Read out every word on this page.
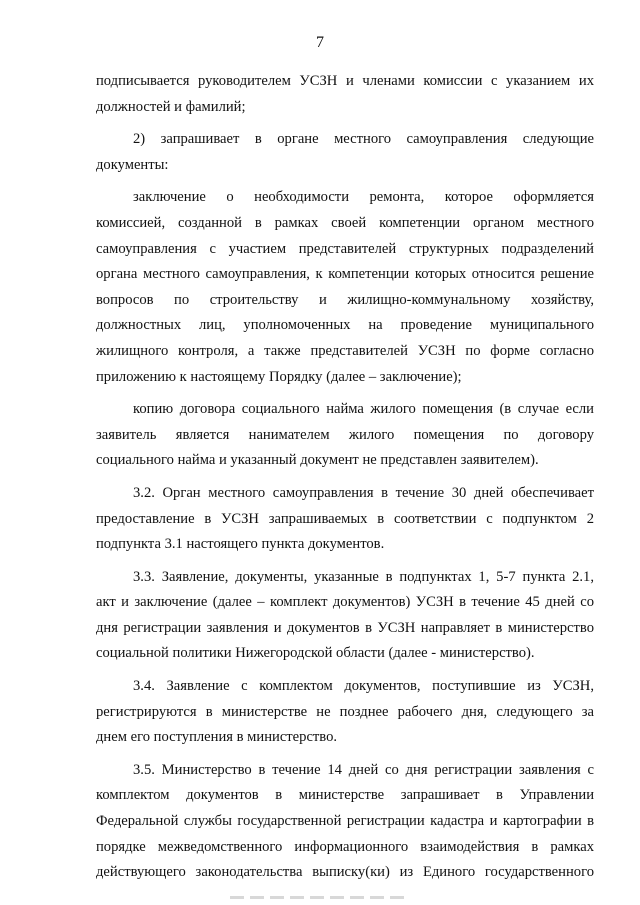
7

подписывается руководителем УСЗН и членами комиссии с указанием их
должностей и фамилий;

2) запрашивает в органе местного самоуправления следующие
документы:

заключение о необходимости ремонта, которое оформляется
комиссией, созданной в рамках своей компетенции органом местного
самоуправления с участием представителей структурных подразделений
органа местного самоуправления, к компетенции которых относится решение
вопросов по строительству и жилищно-коммунальному хозяйству,
должностных лиц, уполномоченных на проведение муниципального
жилищного контроля, а также представителей УСЗН по форме согласно
приложению к настоящему Порядку (далее – заключение);

копию договора социального найма жилого помещения (в случае если
заявитель является нанимателем жилого помещения по договору
социального найма и указанный документ не представлен заявителем).

3.2. Орган местного самоуправления в течение 30 дней обеспечивает
предоставление в УСЗН запрашиваемых в соответствии с подпунктом 2
подпункта 3.1 настоящего пункта документов.

3.3. Заявление, документы, указанные в подпунктах 1, 5-7 пункта 2.1,
акт и заключение (далее – комплект документов) УСЗН в течение 45 дней со
дня регистрации заявления и документов в УСЗН направляет в министерство
социальной политики Нижегородской области (далее - министерство).

3.4. Заявление с комплектом документов, поступившие из УСЗН,
регистрируются в министерстве не позднее рабочего дня, следующего за
днем его поступления в министерство.

3.5. Министерство в течение 14 дней со дня регистрации заявления с
комплектом документов в министерстве запрашивает в Управлении
Федеральной службы государственной регистрации кадастра и картографии в
порядке межведомственного информационного взаимодействия в рамках
действующего законодательства выписку(ки) из Единого государственного
